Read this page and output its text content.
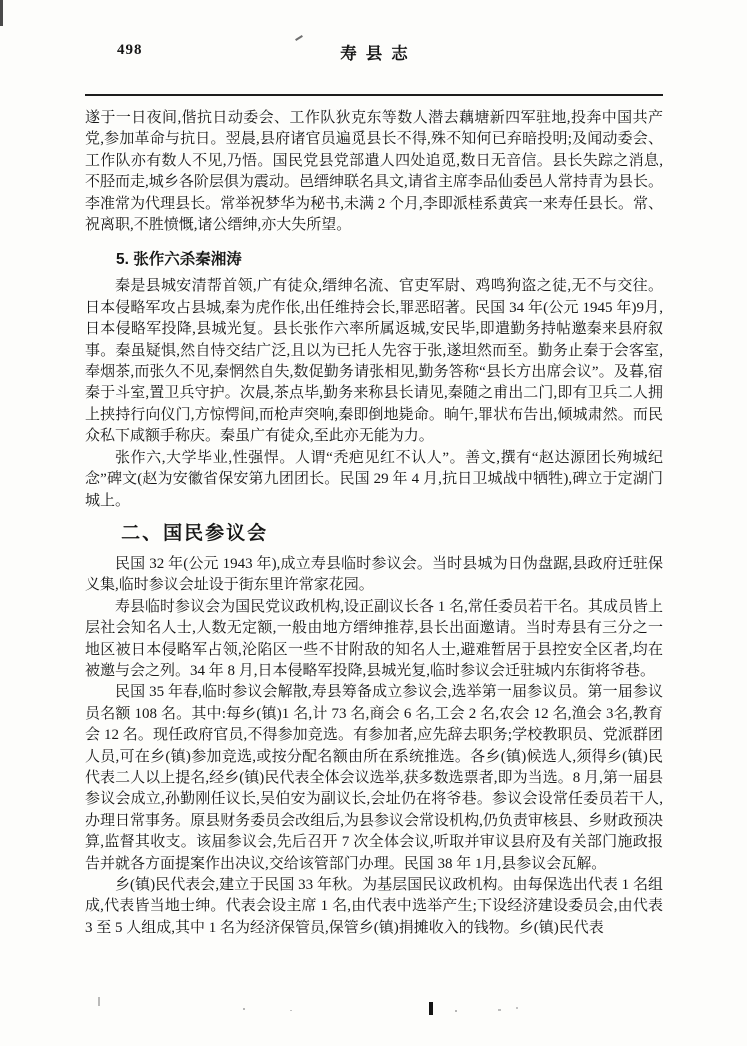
498	寿县志

遂于一日夜间,偕抗日动委会、工作队狄克东等数人潜去藕塘新四军驻地,投奔中国共产党,参加革命与抗日。翌晨,县府诸官员遍觅县长不得,殊不知何已弃暗投明;及闻动委会、工作队亦有数人不见,乃悟。国民党县党部遣人四处追觅,数日无音信。县长失踪之消息,不胫而走,城乡各阶层俱为震动。邑缙绅联名具文,请省主席李品仙委邑人常持青为县长。李准常为代理县长。常举祝梦华为秘书,未满 2 个月,李即派桂系黄宾一来寿任县长。常、祝离职,不胜愤慨,诸公缙绅,亦大失所望。

5. 张作六杀秦湘涛

秦是县城安清帮首领,广有徒众,缙绅名流、官吏军尉、鸡鸣狗盗之徒,无不与交往。日本侵略军攻占县城,秦为虎作伥,出任维持会长,罪恶昭著。民国 34 年(公元 1945 年)9月,日本侵略军投降,县城光复。县长张作六率所属返城,安民毕,即遣勤务持帖邀秦来县府叙事。秦虽疑惧,然自恃交结广泛,且以为已托人先容于张,遂坦然而至。勤务止秦于会客室,奉烟茶,而张久不见,秦惘然自失,数促勤务请张相见,勤务答称“县长方出席会议”。及暮,宿秦于斗室,置卫兵守护。次晨,茶点毕,勤务来称县长请见,秦随之甫出二门,即有卫兵二人拥上挟持行向仪门,方惊愕间,而枪声突响,秦即倒地毙命。晌午,罪状布告出,倾城肃然。而民众私下咸额手称庆。秦虽广有徒众,至此亦无能为力。

张作六,大学毕业,性强悍。人谓“秃疤见红不认人”。善文,撰有“赵达源团长殉城纪念”碑文(赵为安徽省保安第九团团长。民国 29 年 4 月,抗日卫城战中牺牲),碑立于定湖门城上。

二、国民参议会

民国 32 年(公元 1943 年),成立寿县临时参议会。当时县城为日伪盘踞,县政府迁驻保义集,临时参议会址设于街东里许常家花园。

寿县临时参议会为国民党议政机构,设正副议长各 1 名,常任委员若干名。其成员皆上层社会知名人士,人数无定额,一般由地方缙绅推荐,县长出面邀请。当时寿县有三分之一地区被日本侵略军占领,沦陷区一些不甘附敌的知名人士,避难暂居于县控安全区者,均在被邀与会之列。34 年 8 月,日本侵略军投降,县城光复,临时参议会迁驻城内东街将爷巷。

民国 35 年春,临时参议会解散,寿县筹备成立参议会,选举第一届参议员。第一届参议员名额 108 名。其中:每乡(镇)1 名,计 73 名,商会 6 名,工会 2 名,农会 12 名,渔会 3名,教育会 12 名。现任政府官员,不得参加竞选。有参加者,应先辞去职务;学校教职员、党派群团人员,可在乡(镇)参加竞选,或按分配名额由所在系统推选。各乡(镇)候选人,须得乡(镇)民代表二人以上提名,经乡(镇)民代表全体会议选举,获多数选票者,即为当选。8 月,第一届县参议会成立,孙勤刚任议长,吴伯安为副议长,会址仍在将爷巷。参议会设常任委员若干人,办理日常事务。原县财务委员会改组后,为县参议会常设机构,仍负责审核县、乡财政预决算,监督其收支。该届参议会,先后召开 7 次全体会议,听取并审议县府及有关部门施政报告并就各方面提案作出决议,交给该管部门办理。民国 38 年 1月,县参议会瓦解。

乡(镇)民代表会,建立于民国 33 年秋。为基层国民议政机构。由每保选出代表 1 名组成,代表皆当地士绅。代表会设主席 1 名,由代表中选举产生;下设经济建设委员会,由代表 3 至 5 人组成,其中 1 名为经济保管员,保管乡(镇)捐摊收入的钱物。乡(镇)民代表
